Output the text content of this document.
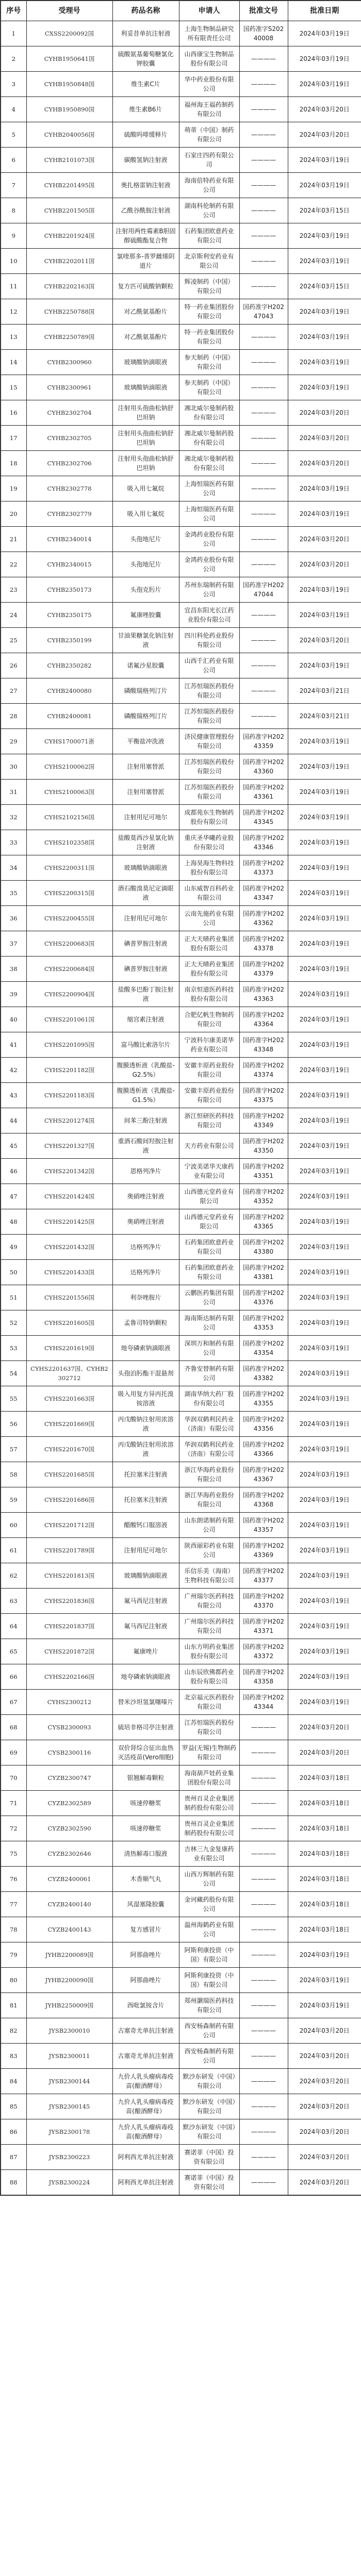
序号	受理号	药品名称	申请人	批准文号	批准日期
1	CXSS2200092国	利妥昔单抗注射液	上海生物制品研究所有限责任公司	国药准字S20240008	2024年03月19日
2	CYHB1950641国	硫酸氨基葡萄糖氯化钾胶囊	山西康宝生物制品股份有限公司	————	2024年03月19日
3	CYHB1950848国	维生素C片	华中药业股份有限公司	————	2024年03月19日
4	CYHB1950890国	维生素B6片	福州海王福药制药有限公司	————	2024年03月20日
5	CYHB2040056国	硫酸吗啡缓释片	萌蒂（中国）制药有限公司	————	2024年03月20日
6	CYHB2101073国	碳酸氢钠注射液	石家庄四药有限公司	————	2024年03月19日
7	CYHB2201495国	奥扎格雷钠注射液	海南倍特药业有限公司	————	2024年03月19日
8	CYHB2201505国	乙酰谷酰胺注射液	湖南科伦制药有限公司	————	2024年03月15日
9	CYHB2201924国	注射用两性霉素B胆固醇硫酸酯复合物	石药集团欧意药业有限公司	————	2024年03月19日
10	CYHB2202011国	氯喹那多-普罗雌烯阴道片	北京斯利安药业有限公司	————	2024年03月19日
11	CYHB2202163国	复方匹可硫酸钠颗粒	辉凌制药（中国）有限公司	————	2024年03月15日
12	CYHB2250788国	对乙酰氨基酚片	特一药业集团股份有限公司	国药准字H20247043	2024年03月19日
13	CYHB2250789国	对乙酰氨基酚片	特一药业集团股份有限公司	————	2024年03月19日
14	CYHB2300960	玻璃酸钠滴眼液	参天制药（中国）有限公司	————	2024年03月19日
15	CYHB2300961	玻璃酸钠滴眼液	参天制药（中国）有限公司	————	2024年03月19日
16	CYHB2302704	注射用头孢曲松钠舒巴坦钠	湘北威尔曼制药股份有限公司	————	2024年03月20日
17	CYHB2302705	注射用头孢曲松钠舒巴坦钠	湘北威尔曼制药股份有限公司	————	2024年03月20日
18	CYHB2302706	注射用头孢曲松钠舒巴坦钠	湘北威尔曼制药股份有限公司	————	2024年03月20日
19	CYHB2302778	吸入用七氟烷	上海恒瑞医药有限公司	————	2024年03月19日
20	CYHB2302779	吸入用七氟烷	上海恒瑞医药有限公司	————	2024年03月19日
21	CYHB2340014	头孢地尼片	金鸿药业股份有限公司	————	2024年03月20日
22	CYHB2340015	头孢地尼片	金鸿药业股份有限公司	————	2024年03月20日
23	CYHB2350173	头孢克肟片	苏州东瑞制药有限公司	国药准字H20247044	2024年03月19日
24	CYHB2350175	氟康唑胶囊	宜昌东阳光长江药业股份有限公司	————	2024年03月19日
25	CYHB2350199	甘油果糖氯化钠注射液	四川科伦药业股份有限公司	————	2024年03月20日
26	CYHB2350282	诺氟沙星胶囊	山西千汇药业有限公司	————	2024年03月19日
27	CYHB2400080	磷酸瑞格列汀片	江苏恒瑞医药股份有限公司	————	2024年03月21日
28	CYHB2400081	磷酸瑞格列汀片	江苏恒瑞医药股份有限公司	————	2024年03月21日
29	CYHS1700071浙	平衡盐冲洗液	济民健康管理股份有限公司	国药准字H20243359	2024年03月19日
30	CYHS2100062国	注射用塞替派	江苏恒瑞医药股份有限公司	国药准字H20243360	2024年03月19日
31	CYHS2100063国	注射用塞替派	江苏恒瑞医药股份有限公司	国药准字H20243361	2024年03月19日
32	CYHS2102156国	注射用尼可地尔	成都苑东生物制药股份有限公司	国药准字H20243345	2024年03月19日
33	CYHS2102358国	盐酸莫西沙星氯化钠注射液	重庆圣华曦药业股份有限公司	国药准字H20243346	2024年03月19日
34	CYHS2200311国	玻璃酸钠滴眼液	上海昊海生物科技股份有限公司	国药准字H20243373	2024年03月19日
35	CYHS2200315国	酒石酸溴莫尼定滴眼液	山东威智百科药业有限公司	国药准字H20243347	2024年03月19日
36	CYHS2200455国	注射用尼可地尔	云南先施药业有限公司	国药准字H20243362	2024年03月19日
37	CYHS2200683国	碘普罗胺注射液	正大天晴药业集团股份有限公司	国药准字H20243378	2024年03月19日
38	CYHS2200684国	碘普罗胺注射液	正大天晴药业集团股份有限公司	国药准字H20243379	2024年03月19日
39	CYHS2200904国	盐酸多巴酚丁胺注射液	南京恒道医药科技股份有限公司	国药准字H20243363	2024年03月19日
40	CYHS2201061国	缩宫素注射液	合肥亿帆生物制药有限公司	国药准字H20243364	2024年03月19日
41	CYHS2201095国	富马酸比索洛尔片	宁波科尔康美诺华药业有限公司	国药准字H20243348	2024年03月19日
42	CYHS2201182国	腹膜透析液（乳酸盐-G2.5%）	安徽丰原药业股份有限公司	国药准字H20243374	2024年03月19日
43	CYHS2201183国	腹膜透析液（乳酸盐-G1.5%）	安徽丰原药业股份有限公司	国药准字H20243375	2024年03月19日
44	CYHS2201274国	间苯三酚注射液	浙江恒研医药科技有限公司	国药准字H20243349	2024年03月19日
45	CYHS2201327国	重酒石酸间羟胺注射液	天方药业有限公司	国药准字H20243350	2024年03月19日
46	CYHS2201342国	恩格列净片	宁波美诺华天康药业有限公司	国药准字H20243351	2024年03月19日
47	CYHS2201424国	奥硝唑注射液	山西德元堂药业有限公司	国药准字H20243352	2024年03月19日
48	CYHS2201425国	奥硝唑注射液	山西德元堂药业有限公司	国药准字H20243365	2024年03月19日
49	CYHS2201432国	达格列净片	石药集团欧意药业有限公司	国药准字H20243380	2024年03月19日
50	CYHS2201433国	达格列净片	石药集团欧意药业有限公司	国药准字H20243381	2024年03月19日
51	CYHS2201556国	利奈唑胺片	云鹏医药集团有限公司	国药准字H20243376	2024年03月19日
52	CYHS2201605国	孟鲁司特钠颗粒	海南斯达制药有限公司	国药准字H20243353	2024年03月19日
53	CYHS2201619国	地夸磷索钠滴眼液	深圳万和制药有限公司	国药准字H20243354	2024年03月19日
54	CYHS2201637国、CYHB2302712	头孢泊肟酯干混悬剂	齐鲁安替制药有限公司	国药准字H20243382	2024年03月19日
55	CYHS2201663国	吸入用复方异丙托溴铵溶液	湖南华纳大药厂股份有限公司	国药准字H20243355	2024年03月19日
56	CYHS2201669国	丙戊酸钠注射用浓溶液	华润双鹤利民药业（济南）有限公司	国药准字H20243356	2024年03月19日
57	CYHS2201670国	丙戊酸钠注射用浓溶液	华润双鹤利民药业（济南）有限公司	国药准字H20243366	2024年03月19日
58	CYHS2201685国	托拉塞米注射液	浙江华海药业股份有限公司	国药准字H20243367	2024年03月19日
59	CYHS2201686国	托拉塞米注射液	浙江华海药业股份有限公司	国药准字H20243368	2024年03月19日
60	CYHS2201712国	醋酸钙口服溶液	山东朗诺制药有限公司	国药准字H20243357	2024年03月19日
61	CYHS2201789国	注射用尼可地尔	陕西丽彩药业有限公司	国药准字H20243369	2024年03月19日
62	CYHS2201813国	玻璃酸钠滴眼液	乐信乐美（海南）生物科技有限公司	国药准字H20243377	2024年03月19日
63	CYHS2201836国	氟马西尼注射液	广州瑞尔医药科技有限公司	国药准字H20243370	2024年03月19日
64	CYHS2201837国	氟马西尼注射液	广州瑞尔医药科技有限公司	国药准字H20243371	2024年03月19日
65	CYHS2201872国	氟康唑片	山东方明药业集团股份有限公司	国药准字H20243372	2024年03月19日
66	CYHS2202166国	地夸磷索钠滴眼液	山东辰欣佛都药业股份有限公司	国药准字H20243358	2024年03月19日
67	CYHS2300212	替米沙坦氢氯噻嗪片	北京福元医药股份有限公司	国药准字H20243344	2024年03月19日
68	CYSB2300093	硫培非格司亭注射液	江苏恒瑞医药股份有限公司	————	2024年03月20日
69	CYSB2300116	双价肾综合征出血热灭活疫苗(Vero细胞)	罗益(无锡)生物制药有限公司	————	2024年03月20日
70	CYZB2300747	银翘解毒颗粒	海南葫芦娃药业集团股份有限公司	————	2024年03月18日
71	CYZB2302589	咳速停糖浆	贵州百灵企业集团制药股份有限公司	————	2024年03月18日
72	CYZB2302590	咳速停糖浆	贵州百灵企业集团制药股份有限公司	————	2024年03月18日
75	CYZB2302646	清热解毒口服液	吉林三九金复康药业有限公司	————	2024年03月18日
76	CYZB2400061	木香顺气丸	山西万辉制药有限公司	————	2024年03月18日
77	CYZB2400140	风湿塞隆胶囊	金诃藏药股份有限公司	————	2024年03月18日
78	CYZB2400143	复方感冒片	温州海鹤药业有限公司	————	2024年03月18日
79	JYHB2200089国	阿那曲唑片	阿斯利康投资（中国）有限公司	————	2024年03月19日
80	JYHB2200090国	阿那曲唑片	阿斯利康投资（中国）有限公司	————	2024年03月19日
81	JYHB2250009国	西吡氯铵含片	郑州灏瑞医药科技有限公司	————	2024年03月19日
82	JYSB2300010	古塞奇尤单抗注射液	西安杨森制药有限公司	————	2024年03月20日
83	JYSB2300011	古塞奇尤单抗注射液	西安杨森制药有限公司	————	2024年03月20日
84	JYSB2300144	九价人乳头瘤病毒疫苗(酿酒酵母）	默沙东研发（中国）有限公司	————	2024年03月20日
85	JYSB2300145	九价人乳头瘤病毒疫苗(酿酒酵母）	默沙东研发（中国）有限公司	————	2024年03月20日
86	JYSB2300178	九价人乳头瘤病毒疫苗(酿酒酵母）	默沙东研发（中国）有限公司	————	2024年03月20日
87	JYSB2300223	阿利西尤单抗注射液	赛诺菲（中国）投资有限公司	————	2024年03月20日
88	JYSB2300224	阿利西尤单抗注射液	赛诺菲（中国）投资有限公司	————	2024年03月20日
